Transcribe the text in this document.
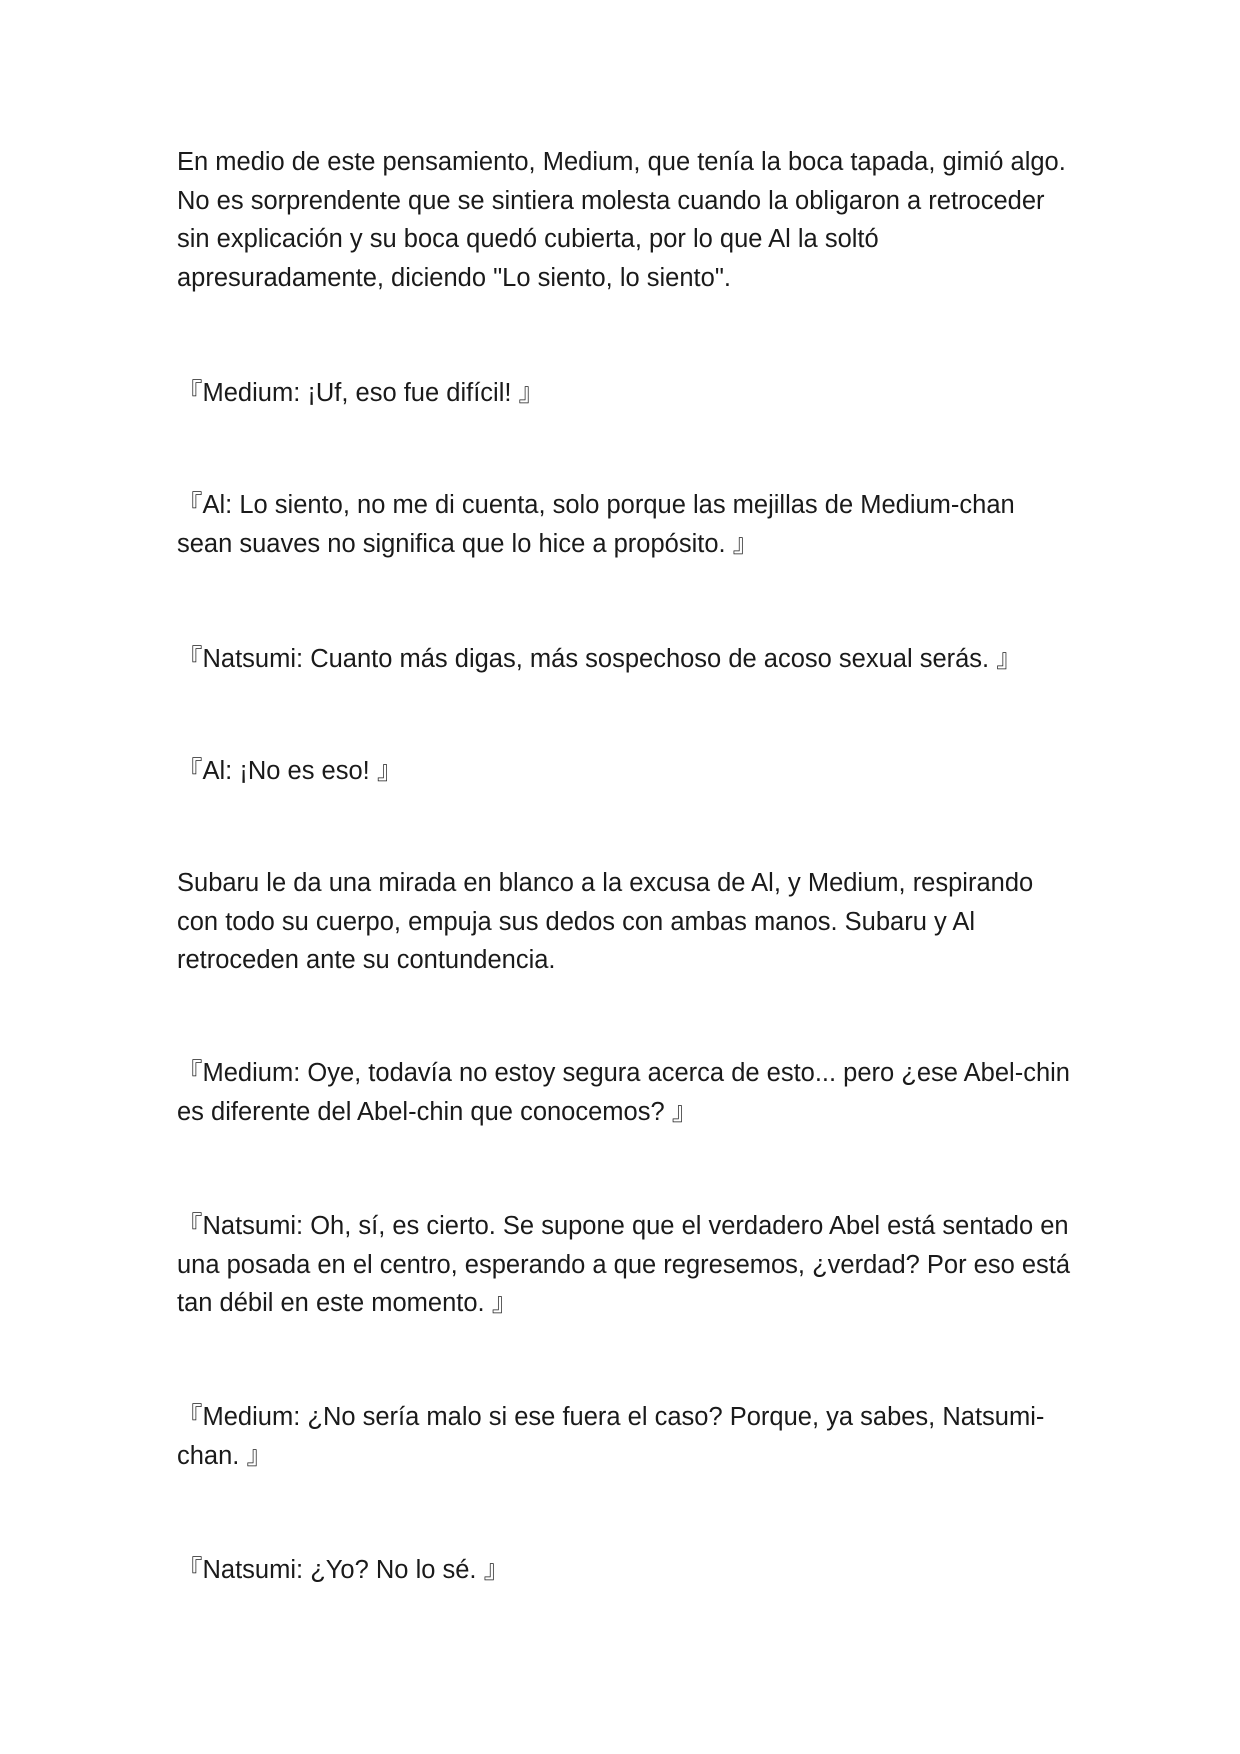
En medio de este pensamiento, Medium, que tenía la boca tapada, gimió algo. No es sorprendente que se sintiera molesta cuando la obligaron a retroceder sin explicación y su boca quedó cubierta, por lo que Al la soltó apresuradamente, diciendo "Lo siento, lo siento".

『Medium: ¡Uf, eso fue difícil! 』

『Al: Lo siento, no me di cuenta, solo porque las mejillas de Medium-chan sean suaves no significa que lo hice a propósito. 』

『Natsumi: Cuanto más digas, más sospechoso de acoso sexual serás. 』

『Al: ¡No es eso! 』

Subaru le da una mirada en blanco a la excusa de Al, y Medium, respirando con todo su cuerpo, empuja sus dedos con ambas manos. Subaru y Al retroceden ante su contundencia.

『Medium: Oye, todavía no estoy segura acerca de esto... pero ¿ese Abel-chin es diferente del Abel-chin que conocemos? 』

『Natsumi: Oh, sí, es cierto. Se supone que el verdadero Abel está sentado en una posada en el centro, esperando a que regresemos, ¿verdad? Por eso está tan débil en este momento. 』

『Medium: ¿No sería malo si ese fuera el caso? Porque, ya sabes, Natsumi-chan. 』

『Natsumi: ¿Yo? No lo sé. 』
